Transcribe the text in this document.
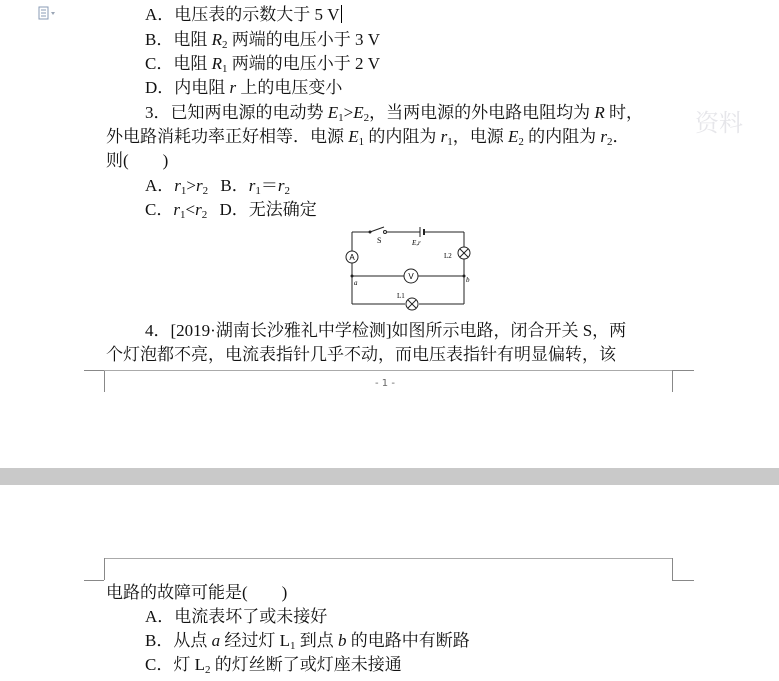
资料
A．电压表的示数大于 5 V
B．电阻 $R_2$ 两端的电压小于 3 V
C．电阻 $R_1$ 两端的电压小于 2 V
D．内电阻 r 上的电压变小
3．已知两电源的电动势 $E_1>E_2$，当两电源的外电路电阻均为 R 时，
外电路消耗功率正好相等．电源 $E_1$ 的内阻为 $r_1$，电源 $E_2$ 的内阻为 $r_2$．
则(　　)
A．$r_1>r_2$ B．$r_1=r_2$
C．$r_1<r_2$ D．无法确定
A
V
S	E,r
L2
L1
a	b
4．[2019·湖南长沙雅礼中学检测]如图所示电路，闭合开关 S，两
个灯泡都不亮，电流表指针几乎不动，而电压表指针有明显偏转，该
- 1 -
电路的故障可能是(　　)
A．电流表坏了或未接好
B．从点 a 经过灯 $L_1$ 到点 b 的电路中有断路
C．灯 $L_2$ 的灯丝断了或灯座未接通
